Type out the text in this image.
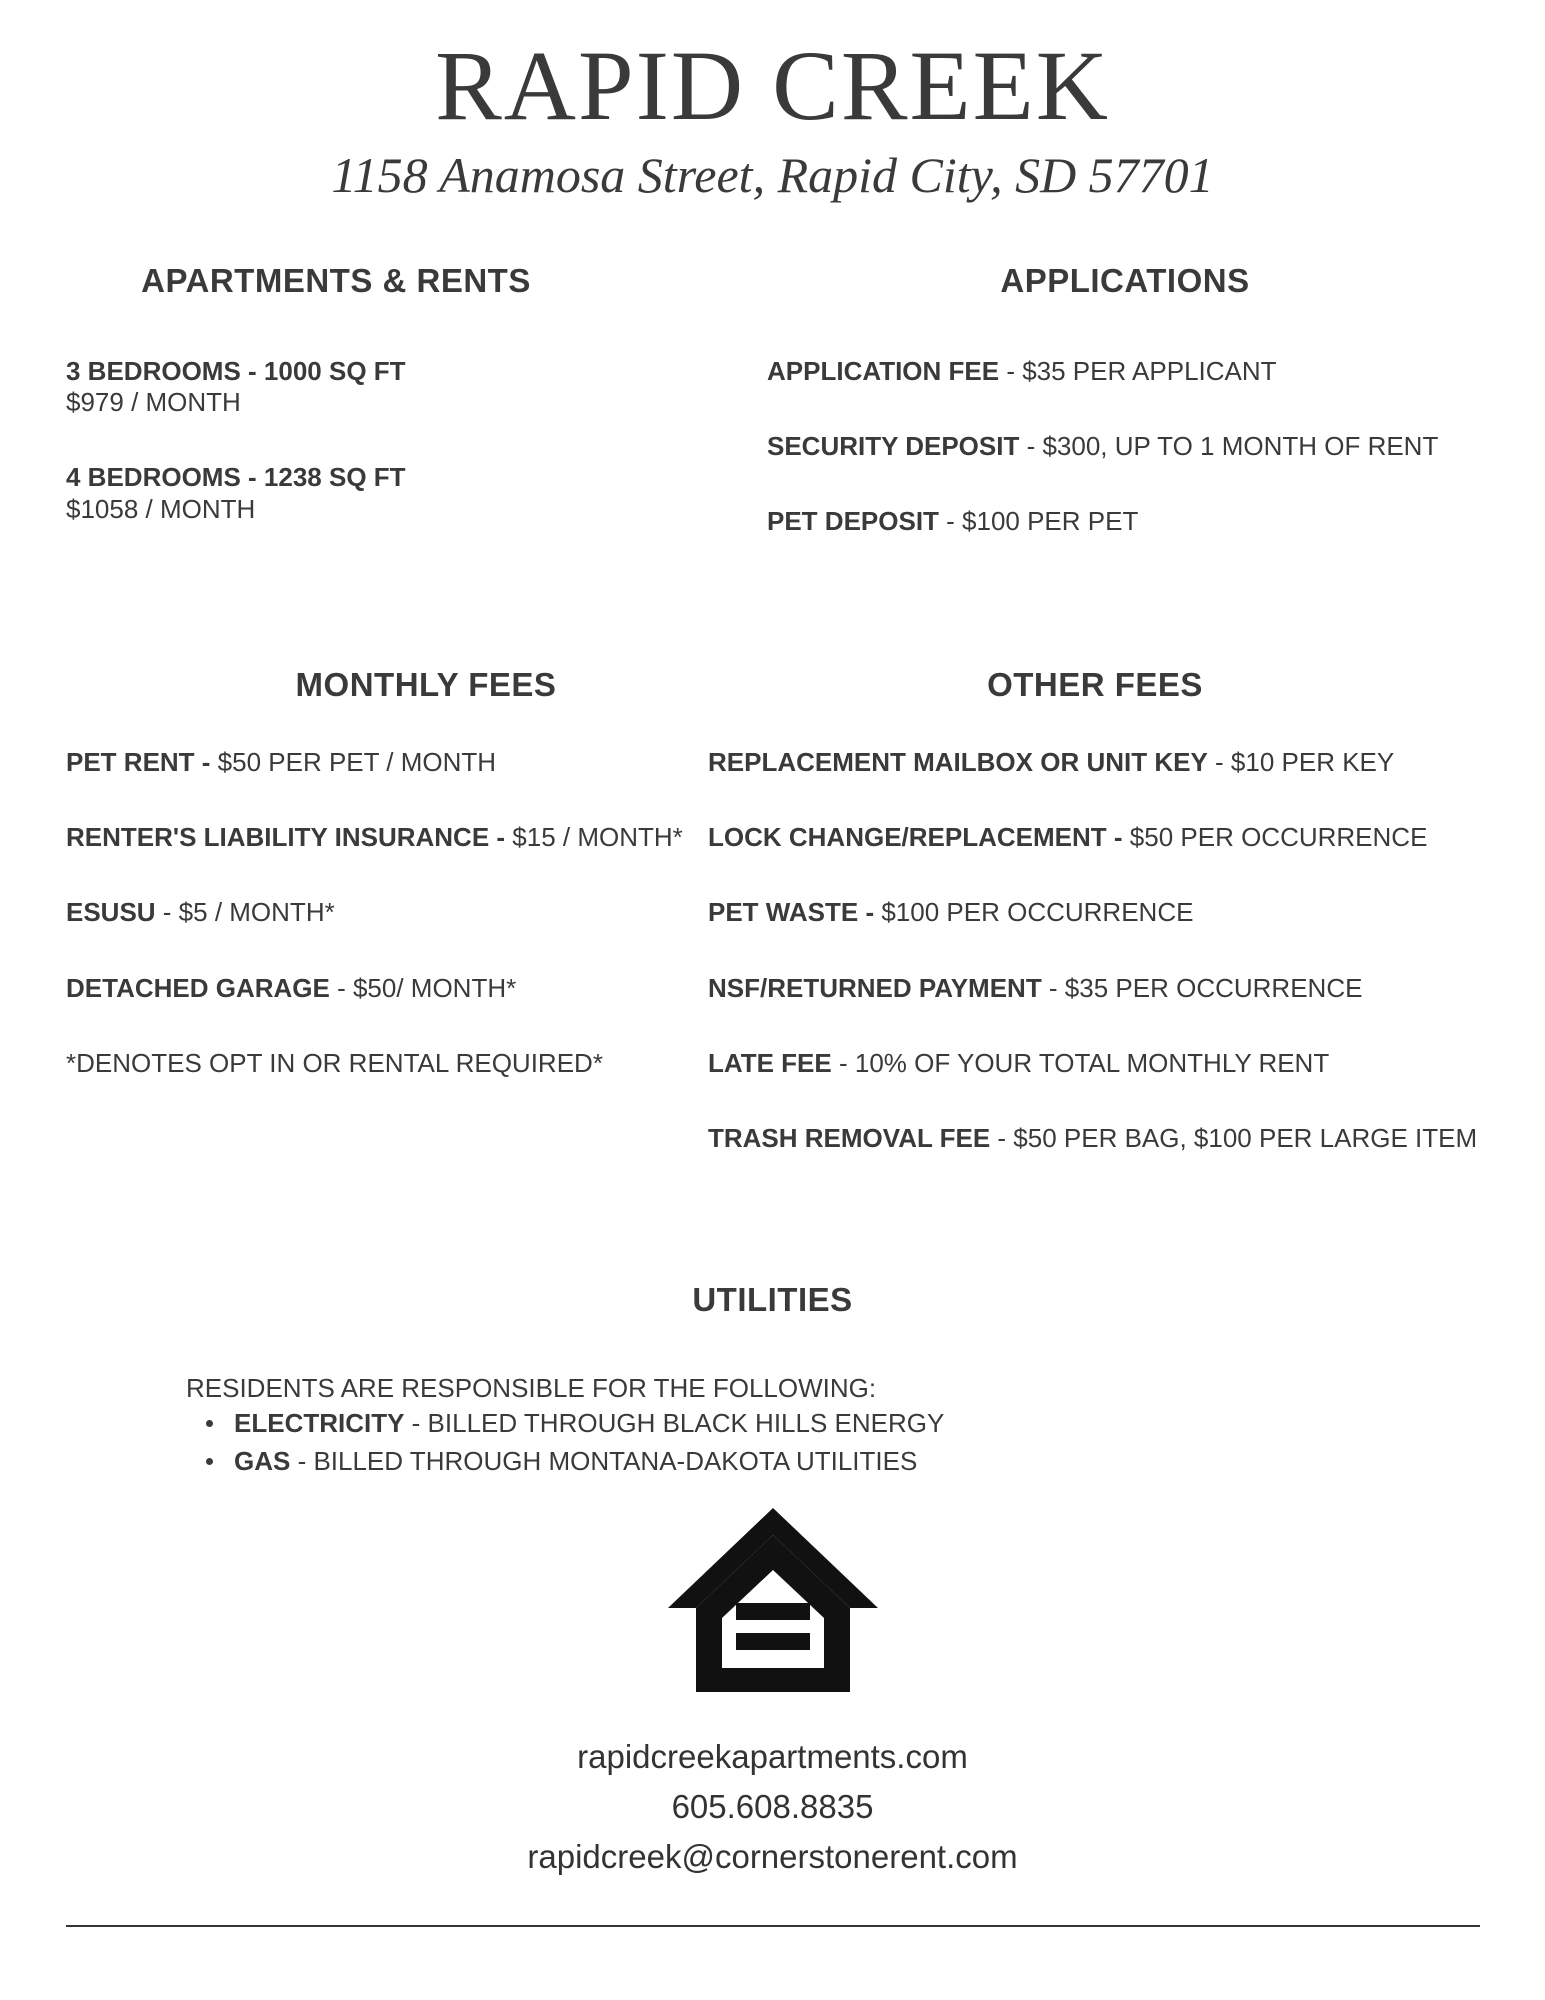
RAPID CREEK
1158 Anamosa Street, Rapid City, SD 57701
APARTMENTS & RENTS
3 BEDROOMS - 1000 SQ FT
$979 / MONTH
4 BEDROOMS - 1238 SQ FT
$1058 / MONTH
APPLICATIONS
APPLICATION FEE - $35 PER APPLICANT
SECURITY DEPOSIT - $300, UP TO 1 MONTH OF RENT
PET DEPOSIT - $100 PER PET
MONTHLY FEES
PET RENT - $50 PER PET / MONTH
RENTER'S LIABILITY INSURANCE - $15 / MONTH*
ESUSU - $5 / MONTH*
DETACHED GARAGE - $50/ MONTH*
*DENOTES OPT IN OR RENTAL REQUIRED*
OTHER FEES
REPLACEMENT MAILBOX OR UNIT KEY - $10 PER KEY
LOCK CHANGE/REPLACEMENT - $50 PER OCCURRENCE
PET WASTE - $100 PER OCCURRENCE
NSF/RETURNED PAYMENT - $35 PER OCCURRENCE
LATE FEE - 10% OF YOUR TOTAL MONTHLY RENT
TRASH REMOVAL FEE - $50 PER BAG, $100 PER LARGE ITEM
UTILITIES
RESIDENTS ARE RESPONSIBLE FOR THE FOLLOWING:
ELECTRICITY - BILLED THROUGH BLACK HILLS ENERGY
GAS - BILLED THROUGH MONTANA-DAKOTA UTILITIES
rapidcreekapartments.com
605.608.8835
rapidcreek@cornerstonerent.com
